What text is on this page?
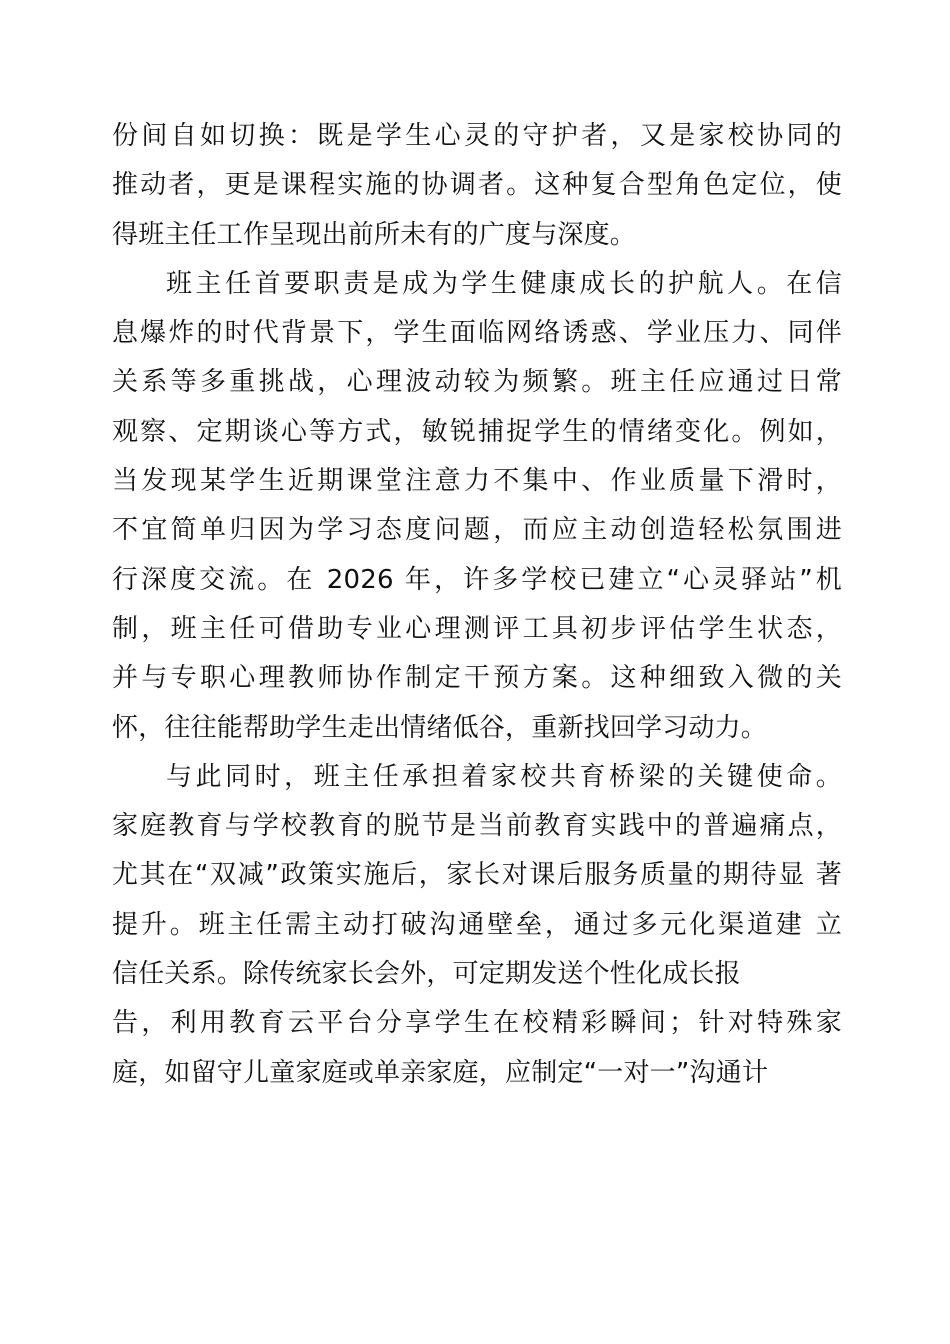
份间自如切换：既是学生心灵的守护者，又是家校协同的
推动者，更是课程实施的协调者。这种复合型角色定位，使
得班主任工作呈现出前所未有的广度与深度。
班主任首要职责是成为学生健康成长的护航人。在信
息爆炸的时代背景下，学生面临网络诱惑、学业压力、同伴
关系等多重挑战，心理波动较为频繁。班主任应通过日常
观察、定期谈心等方式，敏锐捕捉学生的情绪变化。例如，
当发现某学生近期课堂注意力不集中、作业质量下滑时，
不宜简单归因为学习态度问题，而应主动创造轻松氛围进
行深度交流。在 2026 年，许多学校已建立“心灵驿站”机
制，班主任可借助专业心理测评工具初步评估学生状态，
并与专职心理教师协作制定干预方案。这种细致入微的关
怀，往往能帮助学生走出情绪低谷，重新找回学习动力。
与此同时，班主任承担着家校共育桥梁的关键使命。
家庭教育与学校教育的脱节是当前教育实践中的普遍痛点，
尤其在“双减”政策实施后，家长对课后服务质量的期待显 著
提升。班主任需主动打破沟通壁垒，通过多元化渠道建 立
信任关系。除传统家长会外，可定期发送个性化成长报
告，利用教育云平台分享学生在校精彩瞬间；针对特殊家
庭，如留守儿童家庭或单亲家庭，应制定“一对一”沟通计
